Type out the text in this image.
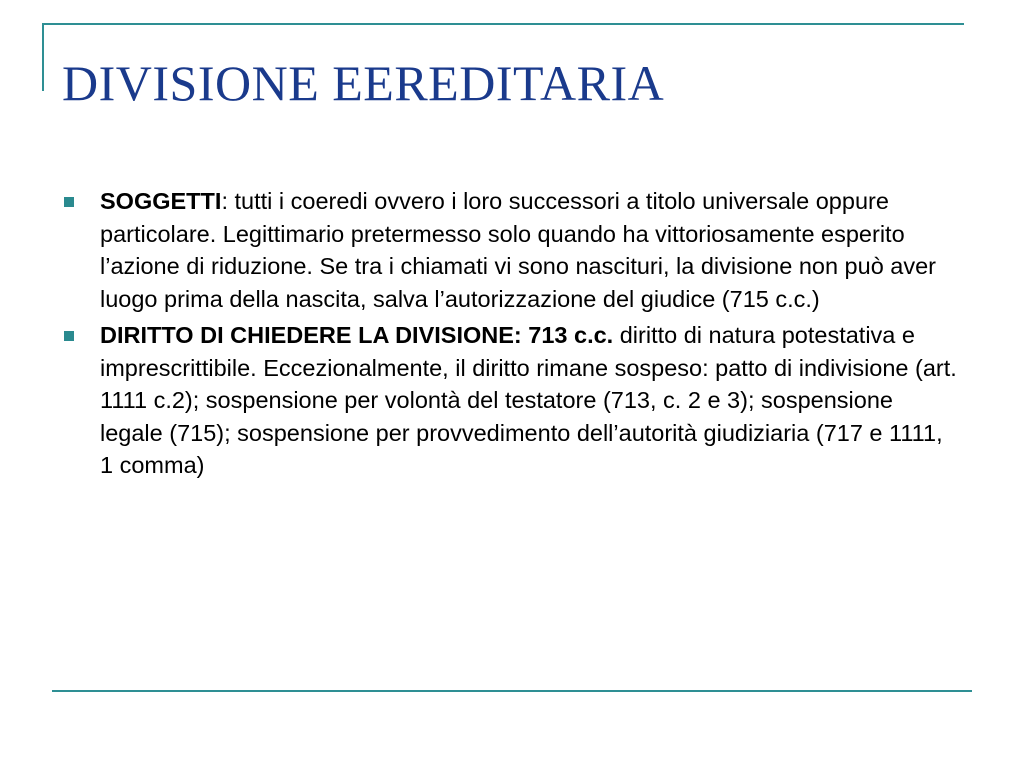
DIVISIONE EEREDITARIA
SOGGETTI: tutti i coeredi ovvero i loro successori a titolo universale oppure particolare. Legittimario pretermesso solo quando ha vittoriosamente esperito l’azione di riduzione. Se tra i chiamati vi sono nascituri, la divisione non può aver luogo prima della nascita, salva l’autorizzazione del giudice (715 c.c.)
DIRITTO DI CHIEDERE LA DIVISIONE: 713 c.c. diritto di natura potestativa e imprescrittibile. Eccezionalmente, il diritto rimane sospeso: patto di indivisione (art. 1111 c.2); sospensione per volontà del testatore (713, c. 2 e 3); sospensione legale (715); sospensione per provvedimento dell’autorità giudiziaria (717 e 1111, 1 comma)
